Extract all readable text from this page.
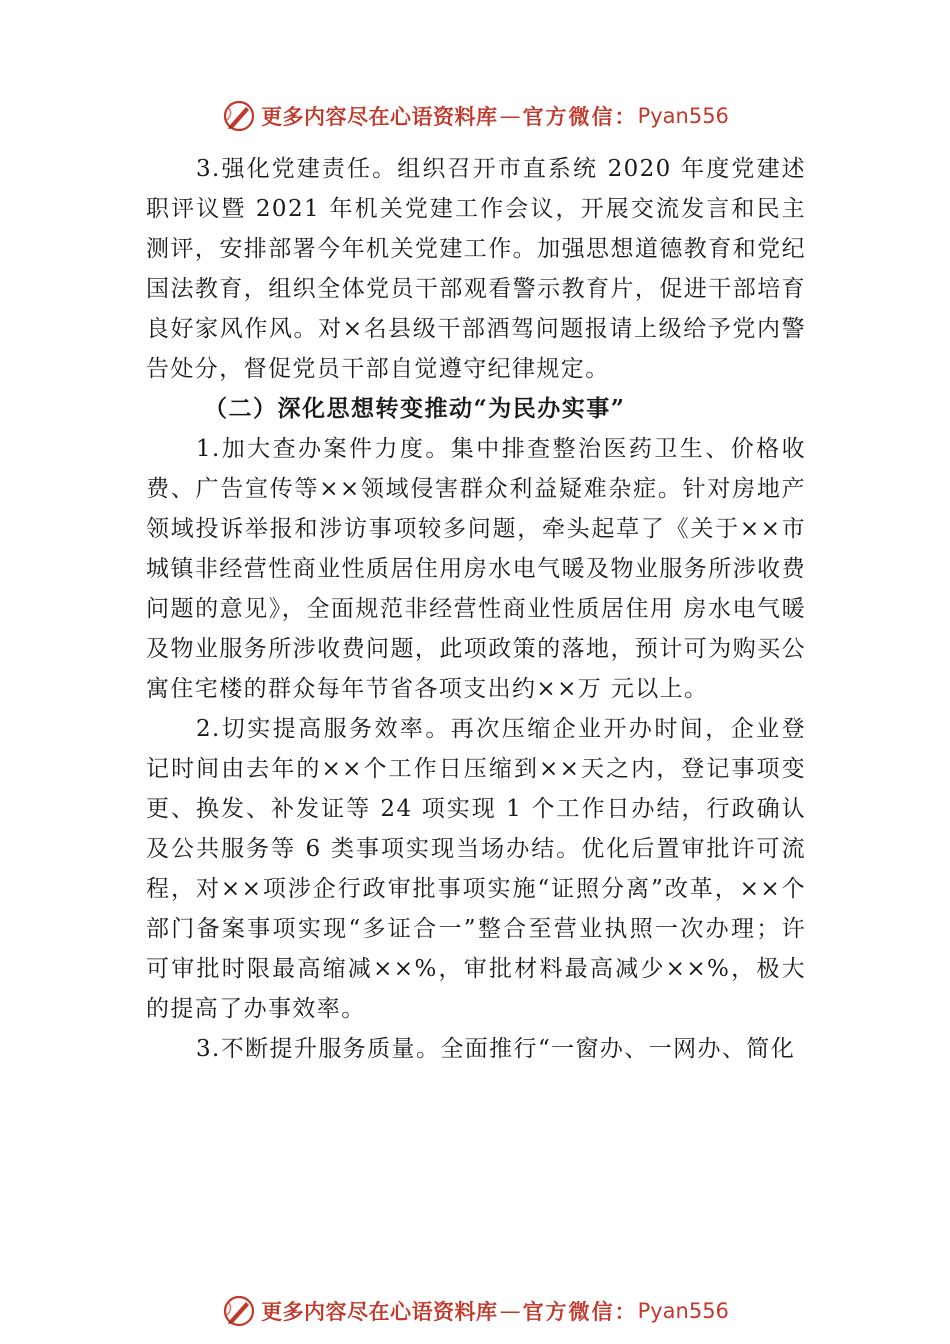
更多内容尽在心语资料库 — 官方微信： Pyan556

3.强化党建责任。组织召开市直系统 2020 年度党建述职评议暨 2021 年机关党建工作会议，开展交流发言和民主测评，安排部署今年机关党建工作。加强思想道德教育和党纪国法教育，组织全体党员干部观看警示教育片，促进干部培育良好家风作风。对×名县级干部酒驾问题报请上级给予党内警告处分，督促党员干部自觉遵守纪律规定。

（二）深化思想转变推动“为民办实事”

1.加大查办案件力度。集中排查整治医药卫生、价格收费、广告宣传等××领域侵害群众利益疑难杂症。针对房地产领域投诉举报和涉访事项较多问题，牵头起草了《关于××市城镇非经营性商业性质居住用房水电气暖及物业服务所涉收费问题的意见》，全面规范非经营性商业性质居住用 房水电气暖及物业服务所涉收费问题，此项政策的落地，预计可为购买公寓住宅楼的群众每年节省各项支出约××万 元以上。

2.切实提高服务效率。再次压缩企业开办时间，企业登记时间由去年的××个工作日压缩到××天之内，登记事项变更、换发、补发证等 24 项实现 1 个工作日办结，行政确认及公共服务等 6 类事项实现当场办结。优化后置审批许可流程，对××项涉企行政审批事项实施“证照分离”改革，××个部门备案事项实现“多证合一”整合至营业执照一次办理；许可审批时限最高缩减××%，审批材料最高减少××%，极大的提高了办事效率。

3.不断提升服务质量。全面推行“一窗办、一网办、简化

更多内容尽在心语资料库 — 官方微信： Pyan556
